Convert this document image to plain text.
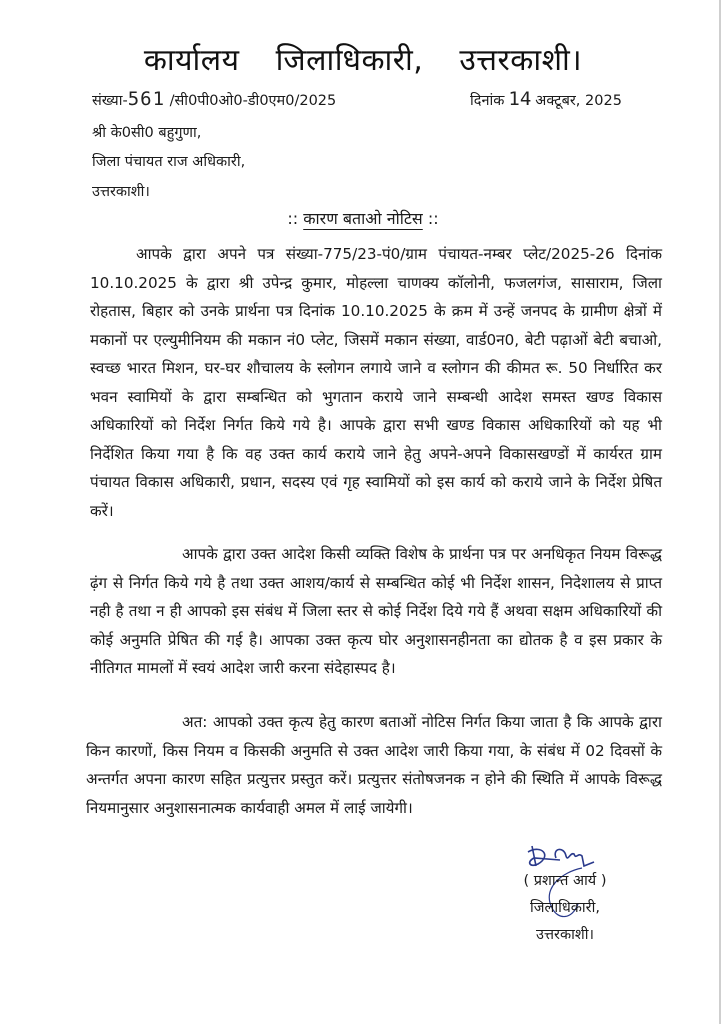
कार्यालय जिलाधिकारी, उत्तरकाशी।
संख्या-561 /सी0पी0ओ0-डी0एम0/2025	दिनांक 14 अक्टूबर, 2025
श्री के0सी0 बहुगुणा,
जिला पंचायत राज अधिकारी,
उत्तरकाशी।
:: कारण बताओ नोटिस ::

आपके द्वारा अपने पत्र संख्या-775/23-पं0/ग्राम पंचायत-नम्बर प्लेट/2025-26 दिनांक 10.10.2025 के द्वारा श्री उपेन्द्र कुमार, मोहल्ला चाणक्य कॉलोनी, फजलगंज, सासाराम, जिला रोहतास, बिहार को उनके प्रार्थना पत्र दिनांक 10.10.2025 के क्रम में उन्हें जनपद के ग्रामीण क्षेत्रों में मकानों पर एल्युमीनियम की मकान नं0 प्लेट, जिसमें मकान संख्या, वार्ड0न0, बेटी पढ़ाओं बेटी बचाओ, स्वच्छ भारत मिशन, घर-घर शौचालय के स्लोगन लगाये जाने व स्लोगन की कीमत रू. 50 निर्धारित कर भवन स्वामियों के द्वारा सम्बन्धित को भुगतान कराये जाने सम्बन्धी आदेश समस्त खण्ड विकास अधिकारियों को निर्देश निर्गत किये गये है। आपके द्वारा सभी खण्ड विकास अधिकारियों को यह भी निर्देशित किया गया है कि वह उक्त कार्य कराये जाने हेतु अपने-अपने विकासखण्डों में कार्यरत ग्राम पंचायत विकास अधिकारी, प्रधान, सदस्य एवं गृह स्वामियों को इस कार्य को कराये जाने के निर्देश प्रेषित करें।

आपके द्वारा उक्त आदेश किसी व्यक्ति विशेष के प्रार्थना पत्र पर अनधिकृत नियम विरूद्ध ढ़ंग से निर्गत किये गये है तथा उक्त आशय/कार्य से सम्बन्धित कोई भी निर्देश शासन, निदेशालय से प्राप्त नही है तथा न ही आपको इस संबंध में जिला स्तर से कोई निर्देश दिये गये हैं अथवा सक्षम अधिकारियों की कोई अनुमति प्रेषित की गई है। आपका उक्त कृत्य घोर अनुशासनहीनता का द्योतक है व इस प्रकार के नीतिगत मामलों में स्वयं आदेश जारी करना संदेहास्पद है।

अत: आपको उक्त कृत्य हेतु कारण बताओं नोटिस निर्गत किया जाता है कि आपके द्वारा किन कारणों, किस नियम व किसकी अनुमति से उक्त आदेश जारी किया गया, के संबंध में 02 दिवसों के अन्तर्गत अपना कारण सहित प्रत्युत्तर प्रस्तुत करें। प्रत्युत्तर संतोषजनक न होने की स्थिति में आपके विरूद्ध नियमानुसार अनुशासनात्मक कार्यवाही अमल में लाई जायेगी।

( प्रशान्त आर्य )
जिलाधिकारी,
उत्तरकाशी।
